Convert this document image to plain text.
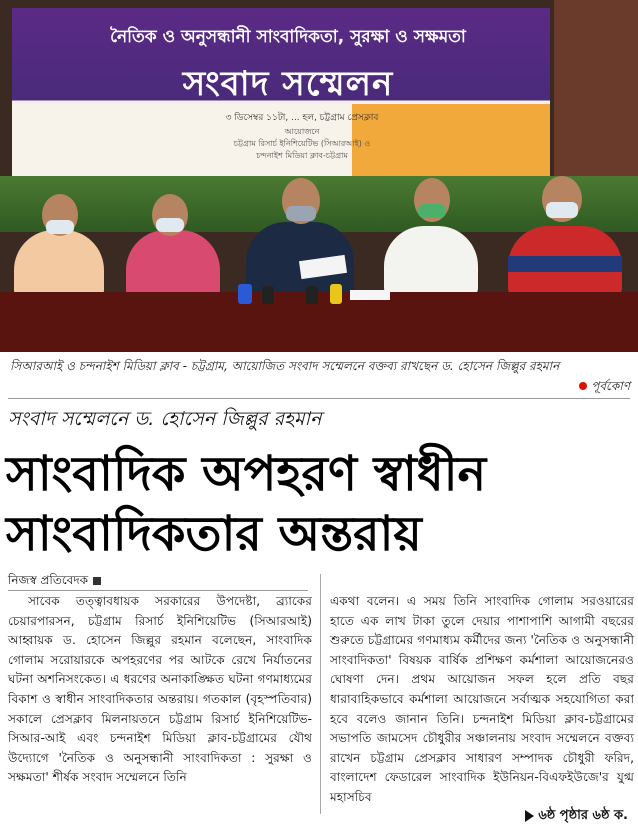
নৈতিক ও অনুসন্ধানী সাংবাদিকতা, সুরক্ষা ও সক্ষমতা
সংবাদ সম্মেলন
৩ ডিসেম্বর ১১টা, ... হল, চট্টগ্রাম প্রেসক্লাব
আয়োজনে
চট্টগ্রাম রিসার্চ ইনিশিয়েটিভ (সিআরআই) ও
চন্দনাইশ মিডিয়া ক্লাব-চট্টগ্রাম
সিআরআই ও চন্দনাইশ মিডিয়া ক্লাব - চট্টগ্রাম, আয়োজিত সংবাদ সম্মেলনে বক্তব্য রাখছেন ড. হোসেন জিল্লুর রহমান
পূর্বকোণ
সংবাদ সম্মেলনে ড. হোসেন জিল্লুর রহমান
সাংবাদিক অপহরণ স্বাধীন সাংবাদিকতার অন্তরায়
নিজস্ব প্রতিবেদক
সাবেক তত্ত্বাবধায়ক সরকারের উপদেষ্টা, ব্র্যাকের চেয়ারপারসন, চট্টগ্রাম রিসার্চ ইনিশিয়েটিভ (সিআরআই) আহ্বায়ক ড. হোসেন জিল্লুর রহমান বলেছেন, সাংবাদিক গোলাম সরোয়ারকে অপহরণের পর আটকে রেখে নির্যাতনের ঘটনা অশনিসংকেত। এ ধরণের অনাকাঙ্ক্ষিত ঘটনা গণমাধ্যমের বিকাশ ও স্বাধীন সাংবাদিকতার অন্তরায়। গতকাল (বৃহস্পতিবার) সকালে প্রেসক্লাব মিলনায়তনে চট্টগ্রাম রিসার্চ ইনিশিয়েটিভ-সিআর-আই এবং চন্দনাইশ মিডিয়া ক্লাব-চট্টগ্রামের যৌথ উদ্যোগে 'নৈতিক ও অনুসন্ধানী সাংবাদিকতা : সুরক্ষা ও সক্ষমতা' শীর্ষক সংবাদ সম্মেলনে তিনি
একথা বলেন। এ সময় তিনি সাংবাদিক গোলাম সরওয়ারের হাতে এক লাখ টাকা তুলে দেয়ার পাশাপাশি আগামী বছরের শুরুতে চট্টগ্রামের গণমাধ্যম কর্মীদের জন্য 'নৈতিক ও অনুসন্ধানী সাংবাদিকতা' বিষয়ক বার্ষিক প্রশিক্ষণ কর্মশালা আয়োজনেরও ঘোষণা দেন। প্রথম আয়োজন সফল হলে প্রতি বছর ধারাবাহিকভাবে কর্মশালা আয়োজনে সর্বাত্মক সহযোগিতা করা হবে বলেও জানান তিনি। চন্দনাইশ মিডিয়া ক্লাব-চট্টগ্রামের সভাপতি জামসেদ চৌধুরীর সঞ্চালনায় সংবাদ সম্মেলনে বক্তব্য রাখেন চট্টগ্রাম প্রেসক্লাব সাধারণ সম্পাদক চৌধুরী ফরিদ, বাংলাদেশ ফেডারেল সাংবাদিক ইউনিয়ন-বিএফইউজে'র যুগ্ম মহাসচিব
৬ষ্ঠ পৃষ্ঠার ৬ষ্ঠ ক.
